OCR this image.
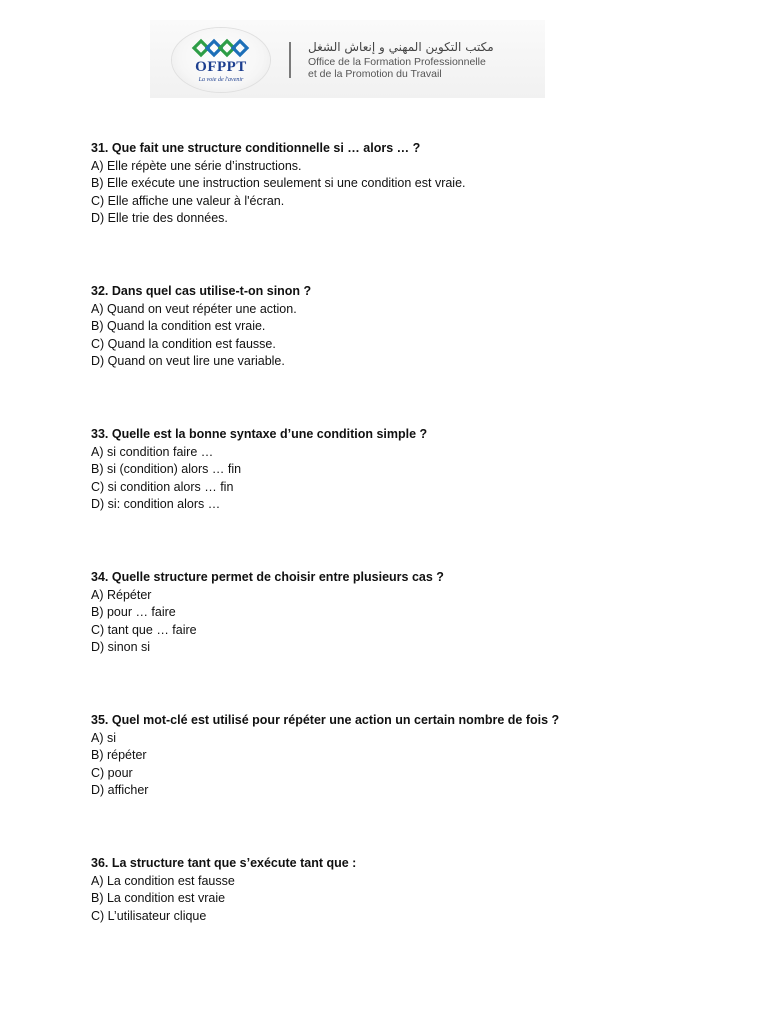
OFPPT
La voie de l'avenir
مكتب التكوين المهني و إنعاش الشغل
Office de la Formation Professionnelle
et de la Promotion du Travail

31. Que fait une structure conditionnelle si … alors … ?

A) Elle répète une série d’instructions.
B) Elle exécute une instruction seulement si une condition est vraie.
C) Elle affiche une valeur à l'écran.
D) Elle trie des données.

32. Dans quel cas utilise-t-on sinon ?

A) Quand on veut répéter une action.
B) Quand la condition est vraie.
C) Quand la condition est fausse.
D) Quand on veut lire une variable.

33. Quelle est la bonne syntaxe d’une condition simple ?

A) si condition faire …
B) si (condition) alors … fin
C) si condition alors … fin
D) si: condition alors …

34. Quelle structure permet de choisir entre plusieurs cas ?

A) Répéter
B) pour … faire
C) tant que … faire
D) sinon si

35. Quel mot-clé est utilisé pour répéter une action un certain nombre de fois ?

A) si
B) répéter
C) pour
D) afficher

36. La structure tant que s’exécute tant que :

A) La condition est fausse
B) La condition est vraie
C) L’utilisateur clique
